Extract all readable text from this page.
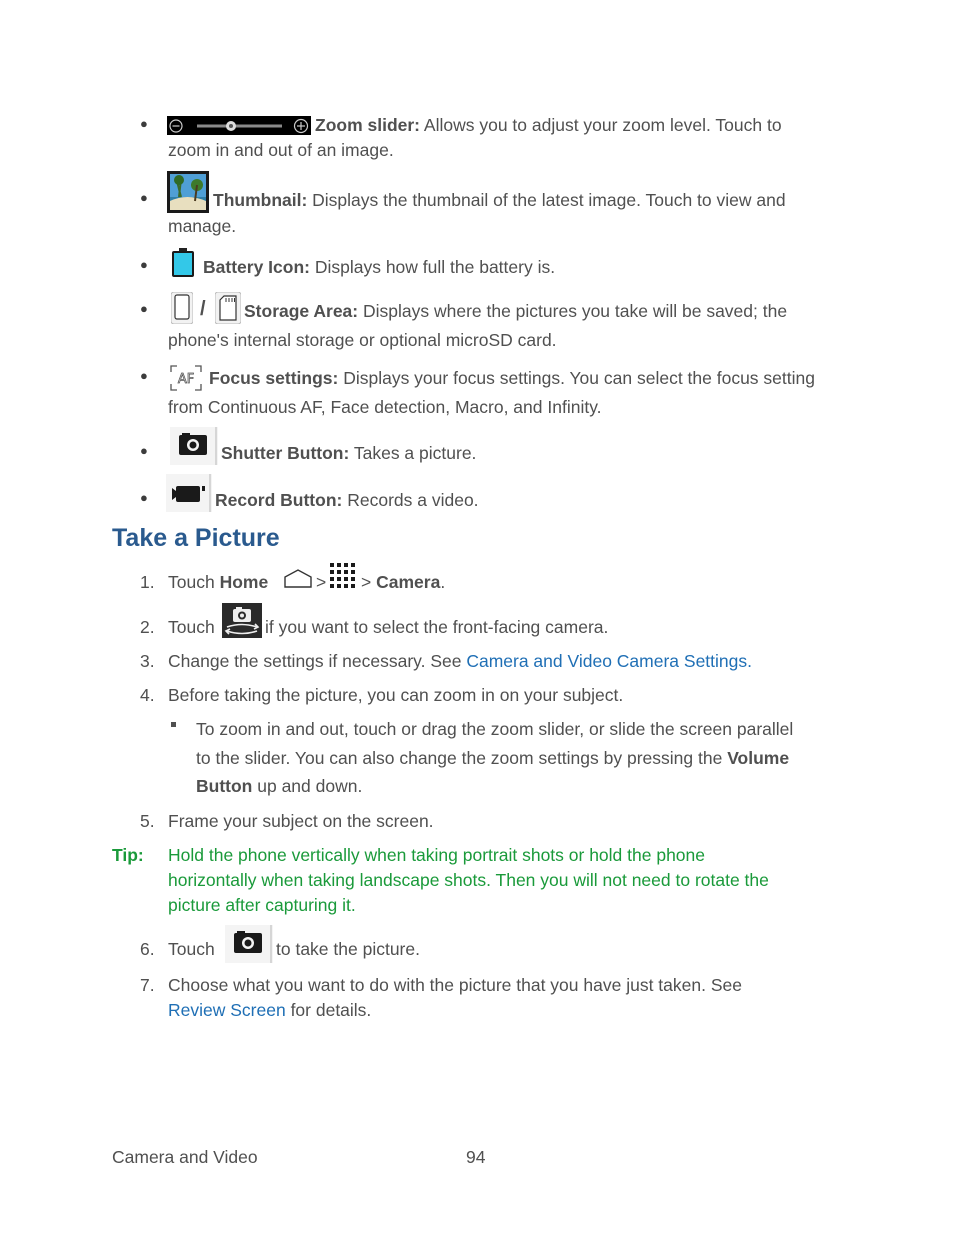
●	Zoom slider: Allows you to adjust your zoom level. Touch to
zoom in and out of an image.
●	Thumbnail: Displays the thumbnail of the latest image. Touch to view and
manage.
●	Battery Icon: Displays how full the battery is.
●	/ Storage Area: Displays where the pictures you take will be saved; the
phone's internal storage or optional microSD card.
● AF Focus settings: Displays your focus settings. You can select the focus setting
from Continuous AF, Face detection, Macro, and Infinity.
●	Shutter Button: Takes a picture.
●	Record Button: Records a video.
Take a Picture
1. Touch Home	> > Camera.
2. Touch	if you want to select the front-facing camera.
3. Change the settings if necessary. See Camera and Video Camera Settings.
4. Before taking the picture, you can zoom in on your subject.
To zoom in and out, touch or drag the zoom slider, or slide the screen parallel
to the slider. You can also change the zoom settings by pressing the Volume
Button up and down.
5. Frame your subject on the screen.
Tip: Hold the phone vertically when taking portrait shots or hold the phone
horizontally when taking landscape shots. Then you will not need to rotate the
picture after capturing it.
6. Touch	to take the picture.
7. Choose what you want to do with the picture that you have just taken. See
Review Screen for details.
Camera and Video	94
